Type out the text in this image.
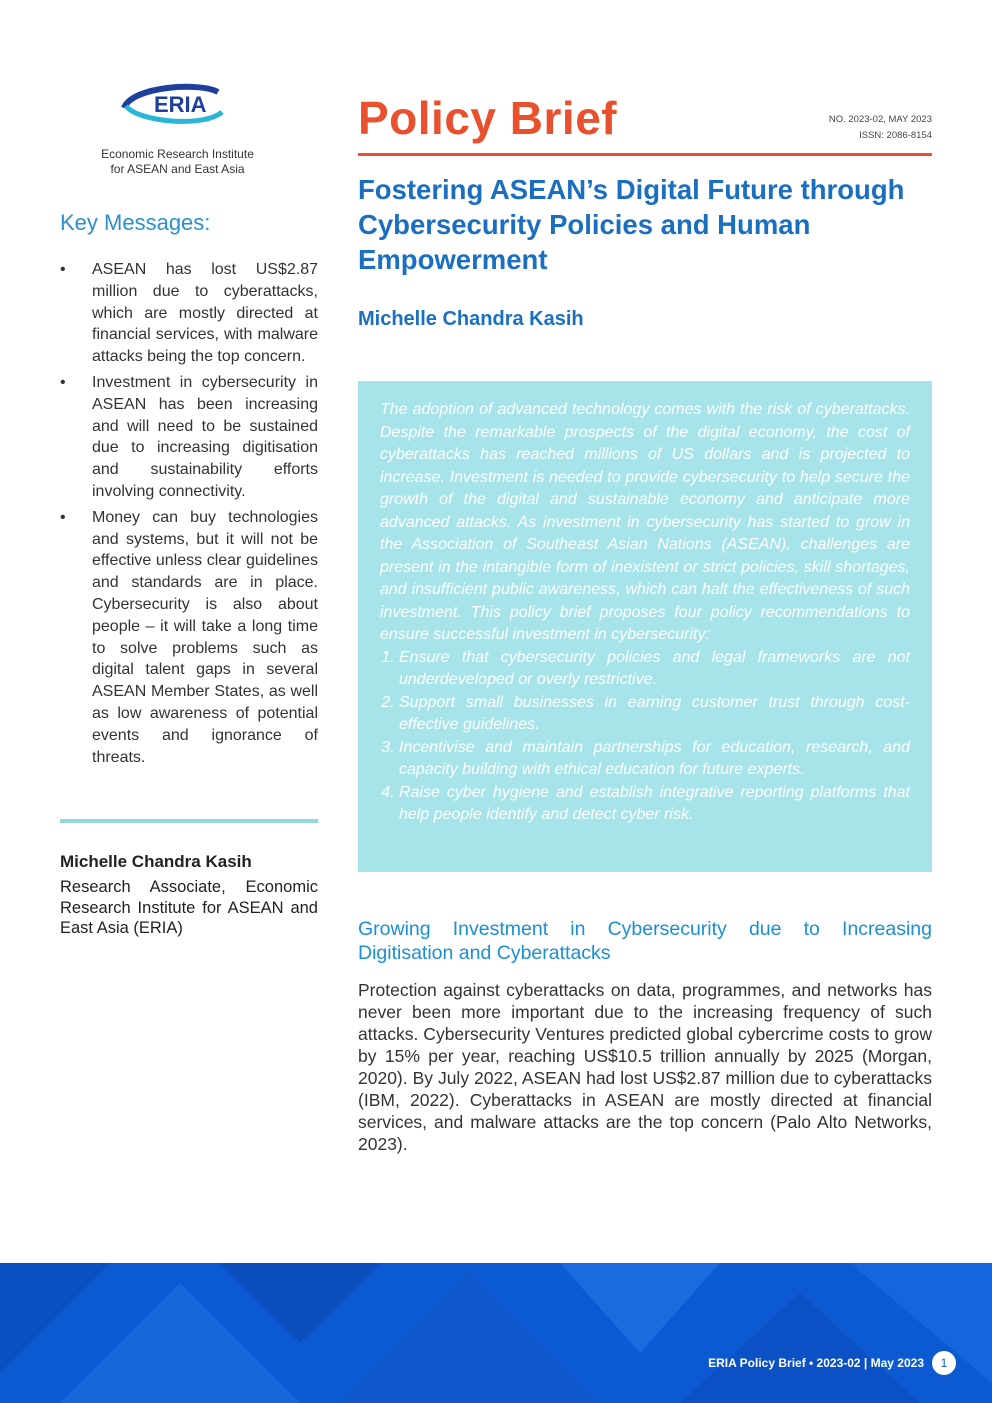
ERIA
Economic Research Institute
for ASEAN and East Asia
Policy Brief	NO. 2023-02, MAY 2023
ISSN: 2086-8154
Fostering ASEAN’s Digital Future through Cybersecurity Policies and Human Empowerment
Michelle Chandra Kasih
Key Messages:
• ASEAN has lost US$2.87 million due to cyberattacks, which are mostly directed at financial services, with malware attacks being the top concern.
• Investment in cybersecurity in ASEAN has been increasing and will need to be sustained due to increasing digitisation and sustainability efforts involving connectivity.
• Money can buy technologies and systems, but it will not be effective unless clear guidelines and standards are in place. Cybersecurity is also about people – it will take a long time to solve problems such as digital talent gaps in several ASEAN Member States, as well as low awareness of potential events and ignorance of threats.
Michelle Chandra Kasih
Research Associate, Economic Research Institute for ASEAN and East Asia (ERIA)

The adoption of advanced technology comes with the risk of cyberattacks. Despite the remarkable prospects of the digital economy, the cost of cyberattacks has reached millions of US dollars and is projected to increase. Investment is needed to provide cybersecurity to help secure the growth of the digital and sustainable economy and anticipate more advanced attacks. As investment in cybersecurity has started to grow in the Association of Southeast Asian Nations (ASEAN), challenges are present in the intangible form of inexistent or strict policies, skill shortages, and insufficient public awareness, which can halt the effectiveness of such investment. This policy brief proposes four policy recommendations to ensure successful investment in cybersecurity:

1. Ensure that cybersecurity policies and legal frameworks are not underdeveloped or overly restrictive.
2. Support small businesses in earning customer trust through cost-effective guidelines.
3. Incentivise and maintain partnerships for education, research, and capacity building with ethical education for future experts.
4. Raise cyber hygiene and establish integrative reporting platforms that help people identify and detect cyber risk.
Growing Investment in Cybersecurity due to Increasing Digitisation and Cyberattacks

Protection against cyberattacks on data, programmes, and networks has never been more important due to the increasing frequency of such attacks. Cybersecurity Ventures predicted global cybercrime costs to grow by 15% per year, reaching US$10.5 trillion annually by 2025 (Morgan, 2020). By July 2022, ASEAN had lost US$2.87 million due to cyberattacks (IBM, 2022). Cyberattacks in ASEAN are mostly directed at financial services, and malware attacks are the top concern (Palo Alto Networks, 2023).

ERIA Policy Brief • 2023-02 | May 2023	1
